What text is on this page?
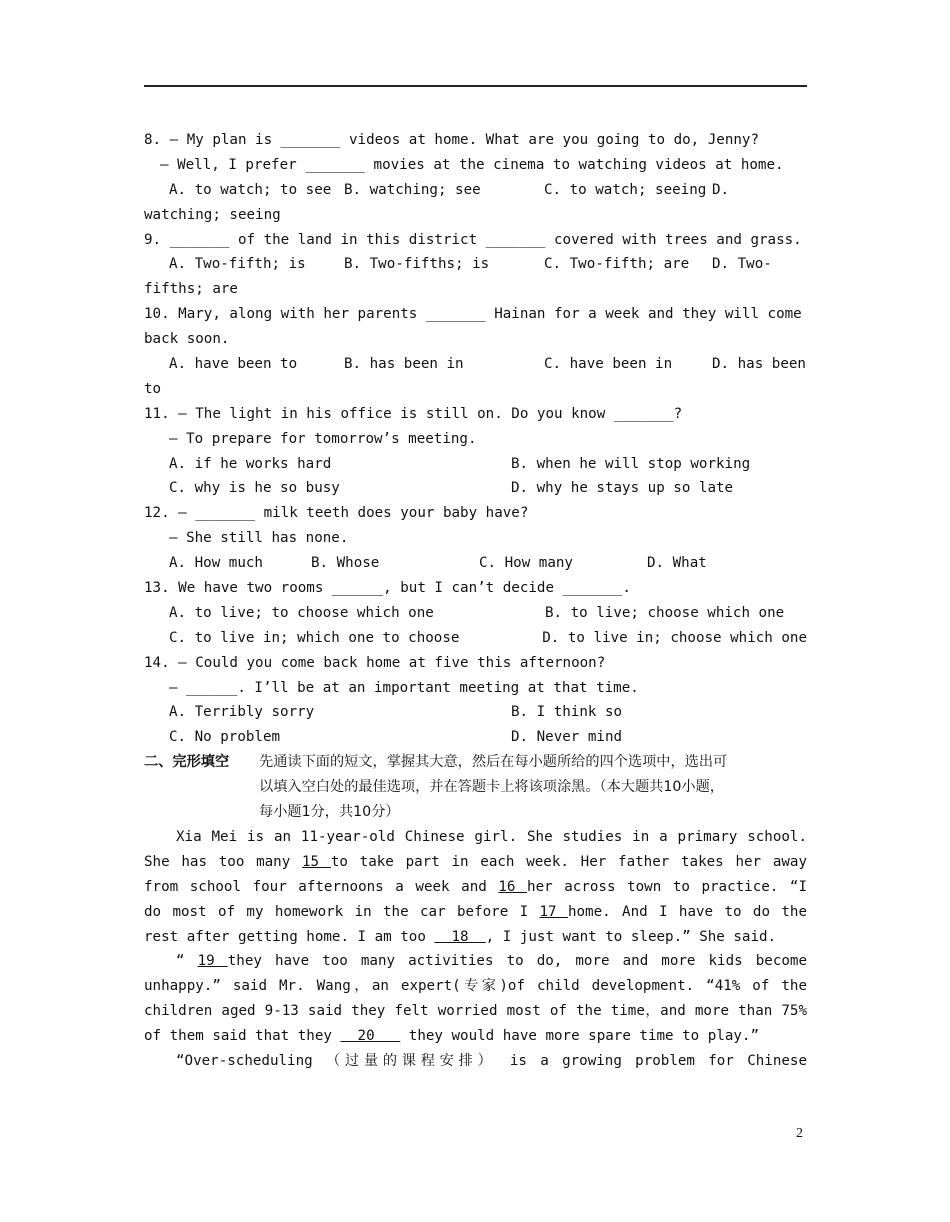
8. — My plan is _______ videos at home. What are you going to do, Jenny?
— Well, I prefer _______ movies at the cinema to watching videos at home.
A. to watch; to see B. watching; see	C. to watch; seeing D.
watching; seeing
9. _______ of the land in this district _______ covered with trees and grass.
A. Two-fifth; is	B. Two-fifths; is	C. Two-fifth; are	D. Two-
fifths; are
10. Mary, along with her parents _______ Hainan for a week and they will come
back soon.
A. have been to	B. has been in	C. have been in	D. has been
to
11. — The light in his office is still on. Do you know _______?
— To prepare for tomorrow’s meeting.
A. if he works hard	B. when he will stop working
C. why is he so busy	D. why he stays up so late
12. — _______ milk teeth does your baby have?
— She still has none.
A. How much	B. Whose	C. How many	D. What
13. We have two rooms ______, but I can’t decide _______.
A. to live; to choose which one	B. to live; choose which one
C. to live in; which one to choose	D. to live in; choose which one
14. — Could you come back home at five this afternoon?
— ______. I’ll be at an important meeting at that time.
A. Terribly sorry	B. I think so
C. No problem	D. Never mind
二、完形填空	先通读下面的短文，掌握其大意，然后在每小题所给的四个选项中，选出可
以填入空白处的最佳选项，并在答题卡上将该项涂黑。（本大题共10小题，
每小题1分，共10分）
Xia Mei is an 11-year-old Chinese girl. She studies in a primary school.
She has too many 15 to take part in each week. Her father takes her away
from school four afternoons a week and 16 her across town to practice. “I
do most of my homework in the car before I 17 home. And I have to do the
rest after getting home. I am too   18  , I just want to sleep.” She said.
“ 19 they have too many activities to do, more and more kids become
unhappy.” said Mr. Wang，an expert(专家)of child development. “41% of the
children aged 9-13 said they felt worried most of the time，and more than 75%
of them said that they   20    they would have more spare time to play.”
“Over-scheduling （过量的课程安排） is a growing problem for Chinese
2
